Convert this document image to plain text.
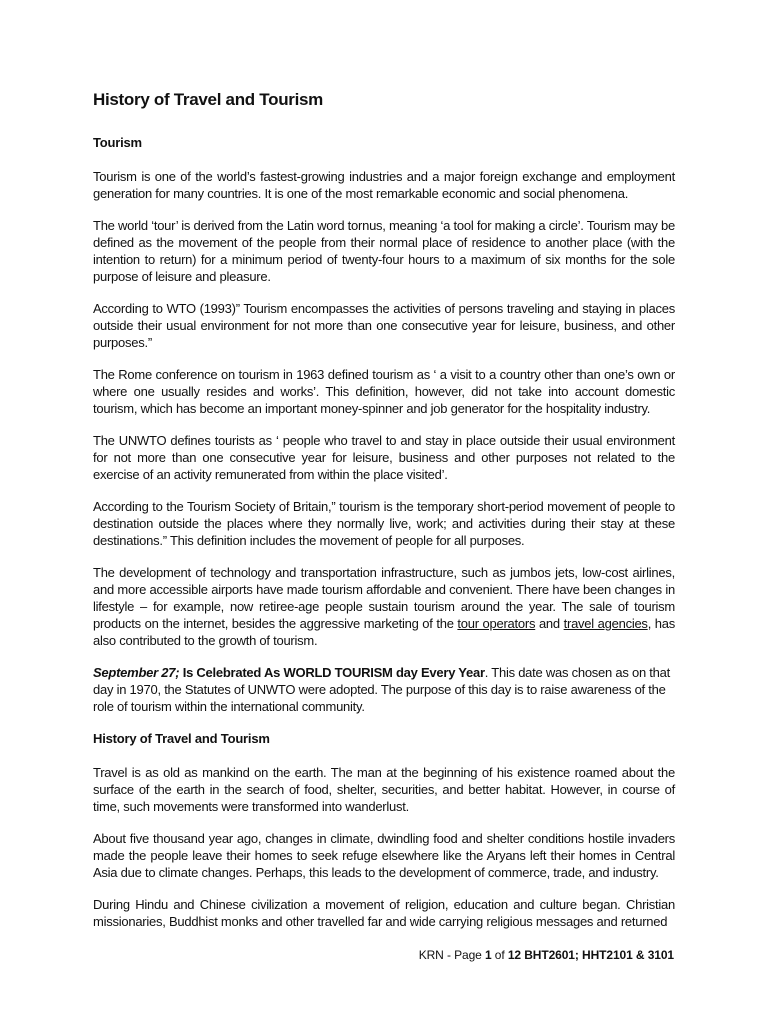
History of Travel and Tourism
Tourism

Tourism is one of the world’s fastest-growing industries and a major foreign exchange and employment generation for many countries. It is one of the most remarkable economic and social phenomena.

The world ‘tour’ is derived from the Latin word tornus, meaning ‘a tool for making a circle’. Tourism may be defined as the movement of the people from their normal place of residence to another place (with the intention to return) for a minimum period of twenty-four hours to a maximum of six months for the sole purpose of leisure and pleasure.

According to WTO (1993)” Tourism encompasses the activities of persons traveling and staying in places outside their usual environment for not more than one consecutive year for leisure, business, and other purposes.”

The Rome conference on tourism in 1963 defined tourism as ‘ a visit to a country other than one’s own or where one usually resides and works’. This definition, however, did not take into account domestic tourism, which has become an important money-spinner and job generator for the hospitality industry.

The UNWTO defines tourists as ‘ people who travel to and stay in place outside their usual environment for not more than one consecutive year for leisure, business and other purposes not related to the exercise of an activity remunerated from within the place visited’.

According to the Tourism Society of Britain,” tourism is the temporary short-period movement of people to destination outside the places where they normally live, work; and activities during their stay at these destinations.” This definition includes the movement of people for all purposes.

The development of technology and transportation infrastructure, such as jumbos jets, low-cost airlines, and more accessible airports have made tourism affordable and convenient. There have been changes in lifestyle – for example, now retiree-age people sustain tourism around the year. The sale of tourism products on the internet, besides the aggressive marketing of the tour operators and travel agencies, has also contributed to the growth of tourism.

September 27; Is Celebrated As WORLD TOURISM day Every Year. This date was chosen as on that day in 1970, the Statutes of UNWTO were adopted. The purpose of this day is to raise awareness of the role of tourism within the international community.

History of Travel and Tourism

Travel is as old as mankind on the earth. The man at the beginning of his existence roamed about the surface of the earth in the search of food, shelter, securities, and better habitat. However, in course of time, such movements were transformed into wanderlust.

About five thousand year ago, changes in climate, dwindling food and shelter conditions hostile invaders made the people leave their homes to seek refuge elsewhere like the Aryans left their homes in Central Asia due to climate changes. Perhaps, this leads to the development of commerce, trade, and industry.

During Hindu and Chinese civilization a movement of religion, education and culture began. Christian missionaries, Buddhist monks and other travelled far and wide carrying religious messages and returned

KRN - Page 1 of 12 BHT2601; HHT2101 & 3101
